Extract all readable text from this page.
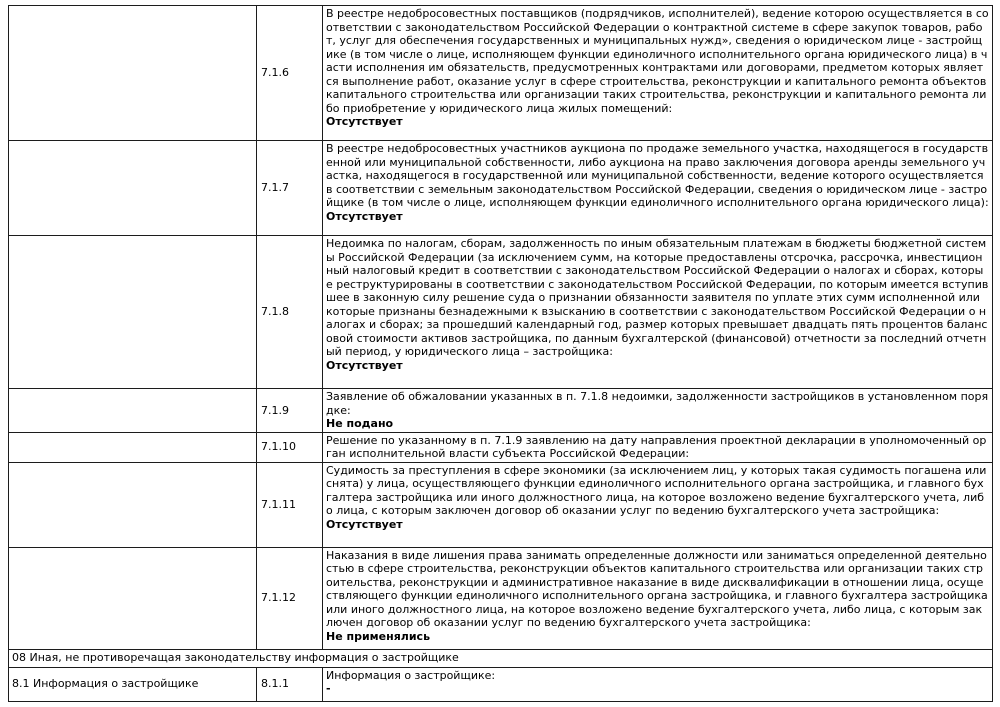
	7.1.6	В реестре недобросовестных поставщиков (подрядчиков, исполнителей), ведение которою осуществляется в соответствии с законодательством Российской Федерации о контрактной системе в сфере закупок товаров, работ, услуг для обеспечения государственных и муниципальных нужд», сведения о юридическом лице - застройщике (в том числе о лице, исполняющем функции единоличного исполнительного органа юридического лица) в части исполнения им обязательств, предусмотренных контрактами или договорами, предметом которых является выполнение работ, оказание услуг в сфере строительства, реконструкции и капитального ремонта объектов капитального строительства или организации таких строительства, реконструкции и капитального ремонта либо приобретение у юридического лица жилых помещений:
Отсутствует

	7.1.7	В реестре недобросовестных участников аукциона по продаже земельного участка, находящегося в государственной или муниципальной собственности, либо аукциона на право заключения договора аренды земельного участка, находящегося в государственной или муниципальной собственности, ведение которого осуществляется в соответствии с земельным законодательством Российской Федерации, сведения о юридическом лице - застройщике (в том числе о лице, исполняющем функции единоличного исполнительного органа юридического лица):
Отсутствует

	7.1.8	Недоимка по налогам, сборам, задолженность по иным обязательным платежам в бюджеты бюджетной системы Российской Федерации (за исключением сумм, на которые предоставлены отсрочка, рассрочка, инвестиционный налоговый кредит в соответствии с законодательством Российской Федерации о налогах и сборах, которые реструктурированы в соответствии с законодательством Российской Федерации, по которым имеется вступившее в законную силу решение суда о признании обязанности заявителя по уплате этих сумм исполненной или которые признаны безнадежными к взысканию в соответствии с законодательством Российской Федерации о налогах и сборах; за прошедший календарный год, размер которых превышает двадцать пять процентов балансовой стоимости активов застройщика, по данным бухгалтерской (финансовой) отчетности за последний отчетный период, у юридического лица – застройщика:
Отсутствует

	7.1.9	Заявление об обжаловании указанных в п. 7.1.8 недоимки, задолженности застройщиков в установленном порядке:
Не подано

	7.1.10	Решение по указанному в п. 7.1.9 заявлению на дату направления проектной декларации в уполномоченный орган исполнительной власти субъекта Российской Федерации:

	7.1.11	Судимость за преступления в сфере экономики (за исключением лиц, у которых такая судимость погашена или снята) у лица, осуществляющего функции единоличного исполнительного органа застройщика, и главного бухгалтера застройщика или иного должностного лица, на которое возложено ведение бухгалтерского учета, либо лица, с которым заключен договор об оказании услуг по ведению бухгалтерского учета застройщика:
Отсутствует

	7.1.12	Наказания в виде лишения права занимать определенные должности или заниматься определенной деятельностью в сфере строительства, реконструкции объектов капитального строительства или организации таких строительства, реконструкции и административное наказание в виде дисквалификации в отношении лица, осуществляющего функции единоличного исполнительного органа застройщика, и главного бухгалтера застройщика или иного должностного лица, на которое возложено ведение бухгалтерского учета, либо лица, с которым заключен договор об оказании услуг по ведению бухгалтерского учета застройщика:
Не применялись

08 Иная, не противоречащая законодательству информация о застройщике		
8.1 Информация о застройщике	8.1.1	Информация о застройщике:
-
